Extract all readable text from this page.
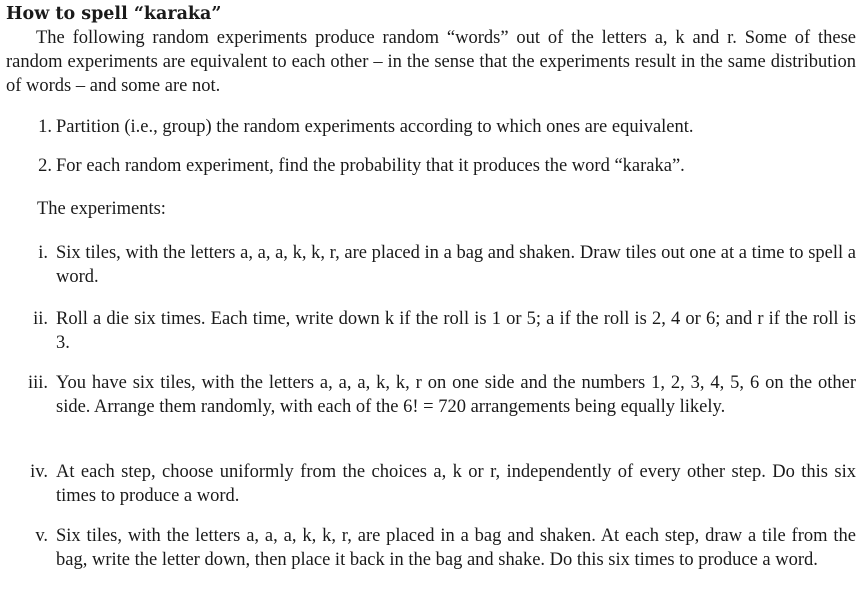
How to spell “karaka”
The following random experiments produce random “words” out of the letters a, k and r. Some of these random experiments are equivalent to each other – in the sense that the experiments result in the same distribution of words – and some are not.
1. Partition (i.e., group) the random experiments according to which ones are equivalent.
2. For each random experiment, find the probability that it produces the word “karaka”.
The experiments:
i. Six tiles, with the letters a, a, a, k, k, r, are placed in a bag and shaken. Draw tiles out one at a time to spell a word.
ii. Roll a die six times. Each time, write down k if the roll is 1 or 5; a if the roll is 2, 4 or 6; and r if the roll is 3.
iii. You have six tiles, with the letters a, a, a, k, k, r on one side and the numbers 1, 2, 3, 4, 5, 6 on the other side. Arrange them randomly, with each of the 6! = 720 arrangements being equally likely.
iv. At each step, choose uniformly from the choices a, k or r, independently of every other step. Do this six times to produce a word.
v. Six tiles, with the letters a, a, a, k, k, r, are placed in a bag and shaken. At each step, draw a tile from the bag, write the letter down, then place it back in the bag and shake. Do this six times to produce a word.
